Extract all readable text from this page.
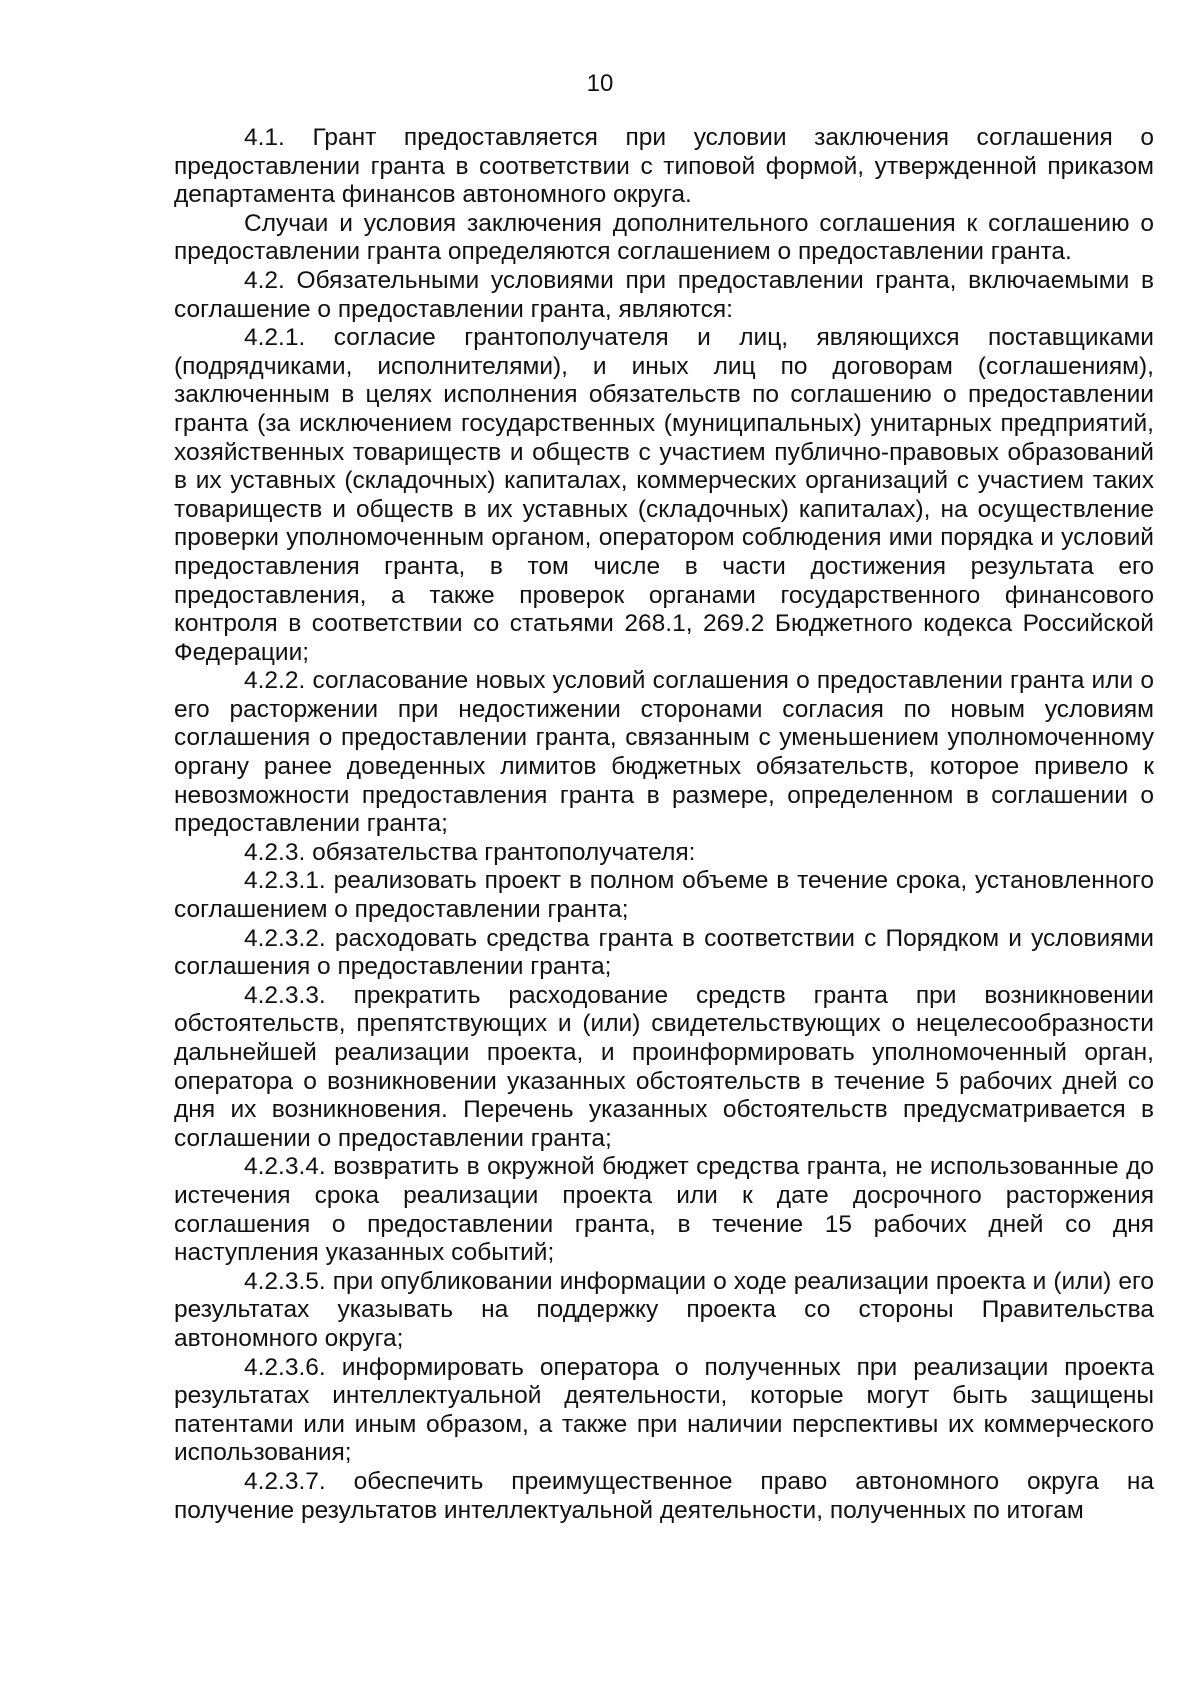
10

4.1. Грант предоставляется при условии заключения соглашения о предоставлении гранта в соответствии с типовой формой, утвержденной приказом департамента финансов автономного округа.

Случаи и условия заключения дополнительного соглашения к соглашению о предоставлении гранта определяются соглашением о предоставлении гранта.

4.2. Обязательными условиями при предоставлении гранта, включаемыми в соглашение о предоставлении гранта, являются:

4.2.1. согласие грантополучателя и лиц, являющихся поставщиками (подрядчиками, исполнителями), и иных лиц по договорам (соглашениям), заключенным в целях исполнения обязательств по соглашению о предоставлении гранта (за исключением государственных (муниципальных) унитарных предприятий, хозяйственных товариществ и обществ с участием публично-правовых образований в их уставных (складочных) капиталах, коммерческих организаций с участием таких товариществ и обществ в их уставных (складочных) капиталах), на осуществление проверки уполномоченным органом, оператором соблюдения ими порядка и условий предоставления гранта, в том числе в части достижения результата его предоставления, а также проверок органами государственного финансового контроля в соответствии со статьями 268.1, 269.2 Бюджетного кодекса Российской Федерации;

4.2.2. согласование новых условий соглашения о предоставлении гранта или о его расторжении при недостижении сторонами согласия по новым условиям соглашения о предоставлении гранта, связанным с уменьшением уполномоченному органу ранее доведенных лимитов бюджетных обязательств, которое привело к невозможности предоставления гранта в размере, определенном в соглашении о предоставлении гранта;

4.2.3. обязательства грантополучателя:

4.2.3.1. реализовать проект в полном объеме в течение срока, установленного соглашением о предоставлении гранта;

4.2.3.2. расходовать средства гранта в соответствии с Порядком и условиями соглашения о предоставлении гранта;

4.2.3.3. прекратить расходование средств гранта при возникновении обстоятельств, препятствующих и (или) свидетельствующих о нецелесообразности дальнейшей реализации проекта, и проинформировать уполномоченный орган, оператора о возникновении указанных обстоятельств в течение 5 рабочих дней со дня их возникновения. Перечень указанных обстоятельств предусматривается в соглашении о предоставлении гранта;

4.2.3.4. возвратить в окружной бюджет средства гранта, не использованные до истечения срока реализации проекта или к дате досрочного расторжения соглашения о предоставлении гранта, в течение 15 рабочих дней со дня наступления указанных событий;

4.2.3.5. при опубликовании информации о ходе реализации проекта и (или) его результатах указывать на поддержку проекта со стороны Правительства автономного округа;

4.2.3.6. информировать оператора о полученных при реализации проекта результатах интеллектуальной деятельности, которые могут быть защищены патентами или иным образом, а также при наличии перспективы их коммерческого использования;

4.2.3.7. обеспечить преимущественное право автономного округа на получение результатов интеллектуальной деятельности, полученных по итогам
